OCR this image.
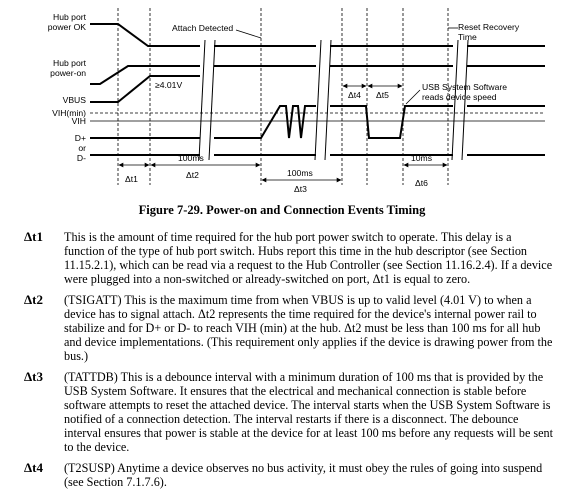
Hub port
power OK
Hub port
power-on
VBUS
VIH(min)
VIH
D+
or
D-
Attach Detected	Reset Recovery
Time
USB System Software
reads device speed
≥4.01V
Δt4 Δt5
Δt1
100ms
Δt2	100ms
Δt3
10ms
Δt6
Figure 7-29. Power-on and Connection Events Timing
Δt1 This is the amount of time required for the hub port power switch to operate. This delay is a function of the type of hub port switch. Hubs report this time in the hub descriptor (see Section 11.15.2.1), which can be read via a request to the Hub Controller (see Section 11.16.2.4). If a device were plugged into a non-switched or already-switched on port, Δt1 is equal to zero.
Δt2 (TSIGATT) This is the maximum time from when VBUS is up to valid level (4.01 V) to when a device has to signal attach. Δt2 represents the time required for the device's internal power rail to stabilize and for D+ or D- to reach VIH (min) at the hub. Δt2 must be less than 100 ms for all hub and device implementations. (This requirement only applies if the device is drawing power from the bus.)
Δt3 (TATTDB) This is a debounce interval with a minimum duration of 100 ms that is provided by the USB System Software. It ensures that the electrical and mechanical connection is stable before software attempts to reset the attached device. The interval starts when the USB System Software is notified of a connection detection. The interval restarts if there is a disconnect. The debounce interval ensures that power is stable at the device for at least 100 ms before any requests will be sent to the device.
Δt4 (T2SUSP) Anytime a device observes no bus activity, it must obey the rules of going into suspend (see Section 7.1.7.6).
